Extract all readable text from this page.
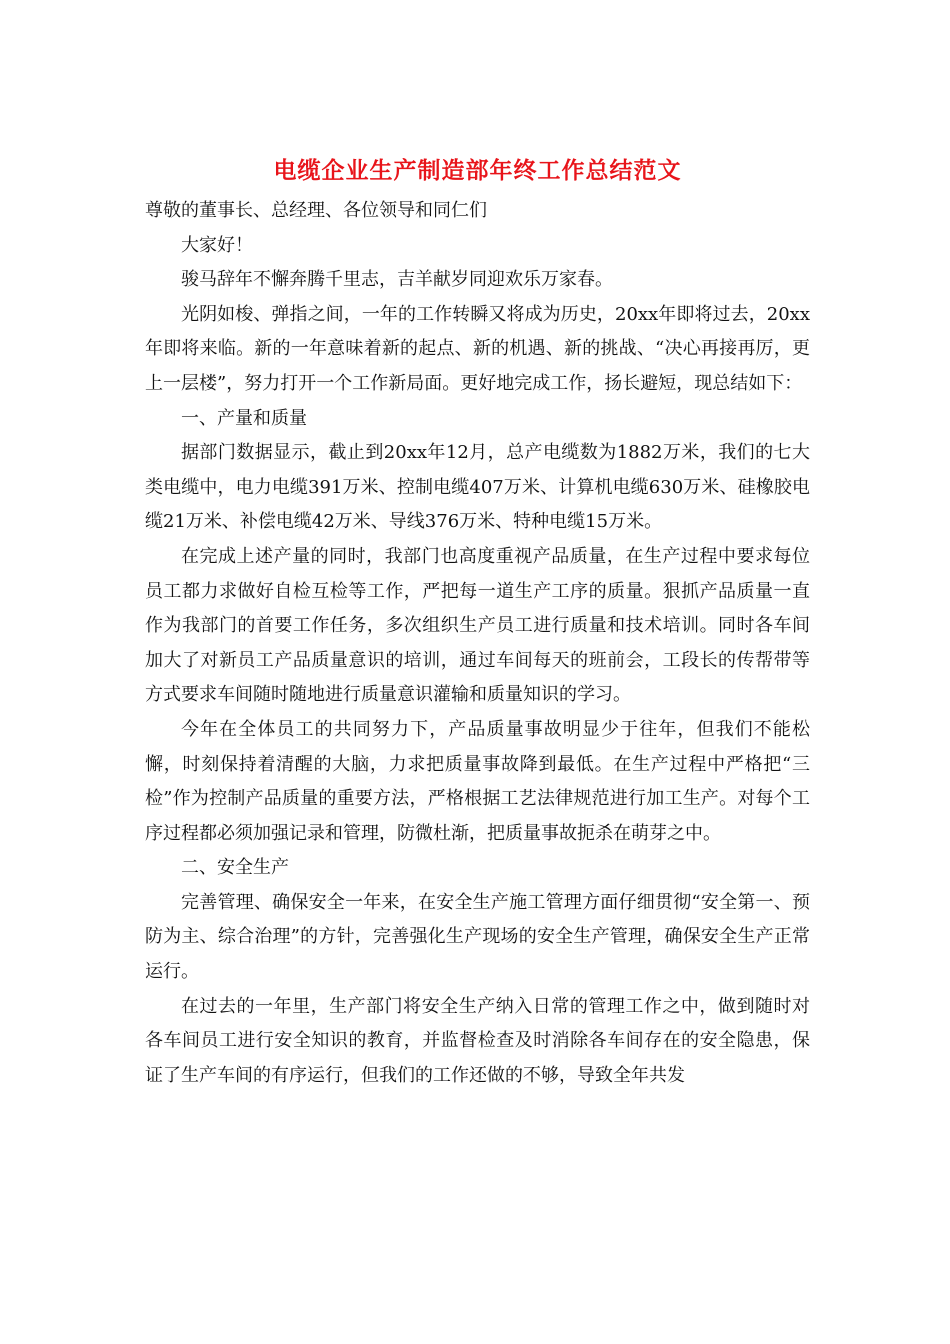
电缆企业生产制造部年终工作总结范文

尊敬的董事长、总经理、各位领导和同仁们

大家好！

骏马辞年不懈奔腾千里志，吉羊献岁同迎欢乐万家春。

光阴如梭、弹指之间，一年的工作转瞬又将成为历史，20xx年即将过去，20xx年即将来临。新的一年意味着新的起点、新的机遇、新的挑战、“决心再接再厉，更上一层楼”，努力打开一个工作新局面。更好地完成工作，扬长避短，现总结如下：

一、产量和质量

据部门数据显示，截止到20xx年12月，总产电缆数为1882万米，我们的七大类电缆中，电力电缆391万米、控制电缆407万米、计算机电缆630万米、硅橡胶电缆21万米、补偿电缆42万米、导线376万米、特种电缆15万米。

在完成上述产量的同时，我部门也高度重视产品质量，在生产过程中要求每位员工都力求做好自检互检等工作，严把每一道生产工序的质量。狠抓产品质量一直作为我部门的首要工作任务，多次组织生产员工进行质量和技术培训。同时各车间加大了对新员工产品质量意识的培训，通过车间每天的班前会，工段长的传帮带等方式要求车间随时随地进行质量意识灌输和质量知识的学习。

今年在全体员工的共同努力下，产品质量事故明显少于往年，但我们不能松懈，时刻保持着清醒的大脑，力求把质量事故降到最低。在生产过程中严格把“三检”作为控制产品质量的重要方法，严格根据工艺法律规范进行加工生产。对每个工序过程都必须加强记录和管理，防微杜渐，把质量事故扼杀在萌芽之中。

二、安全生产

完善管理、确保安全一年来，在安全生产施工管理方面仔细贯彻“安全第一、预防为主、综合治理”的方针，完善强化生产现场的安全生产管理，确保安全生产正常运行。

在过去的一年里，生产部门将安全生产纳入日常的管理工作之中，做到随时对各车间员工进行安全知识的教育，并监督检查及时消除各车间存在的安全隐患，保证了生产车间的有序运行，但我们的工作还做的不够，导致全年共发
